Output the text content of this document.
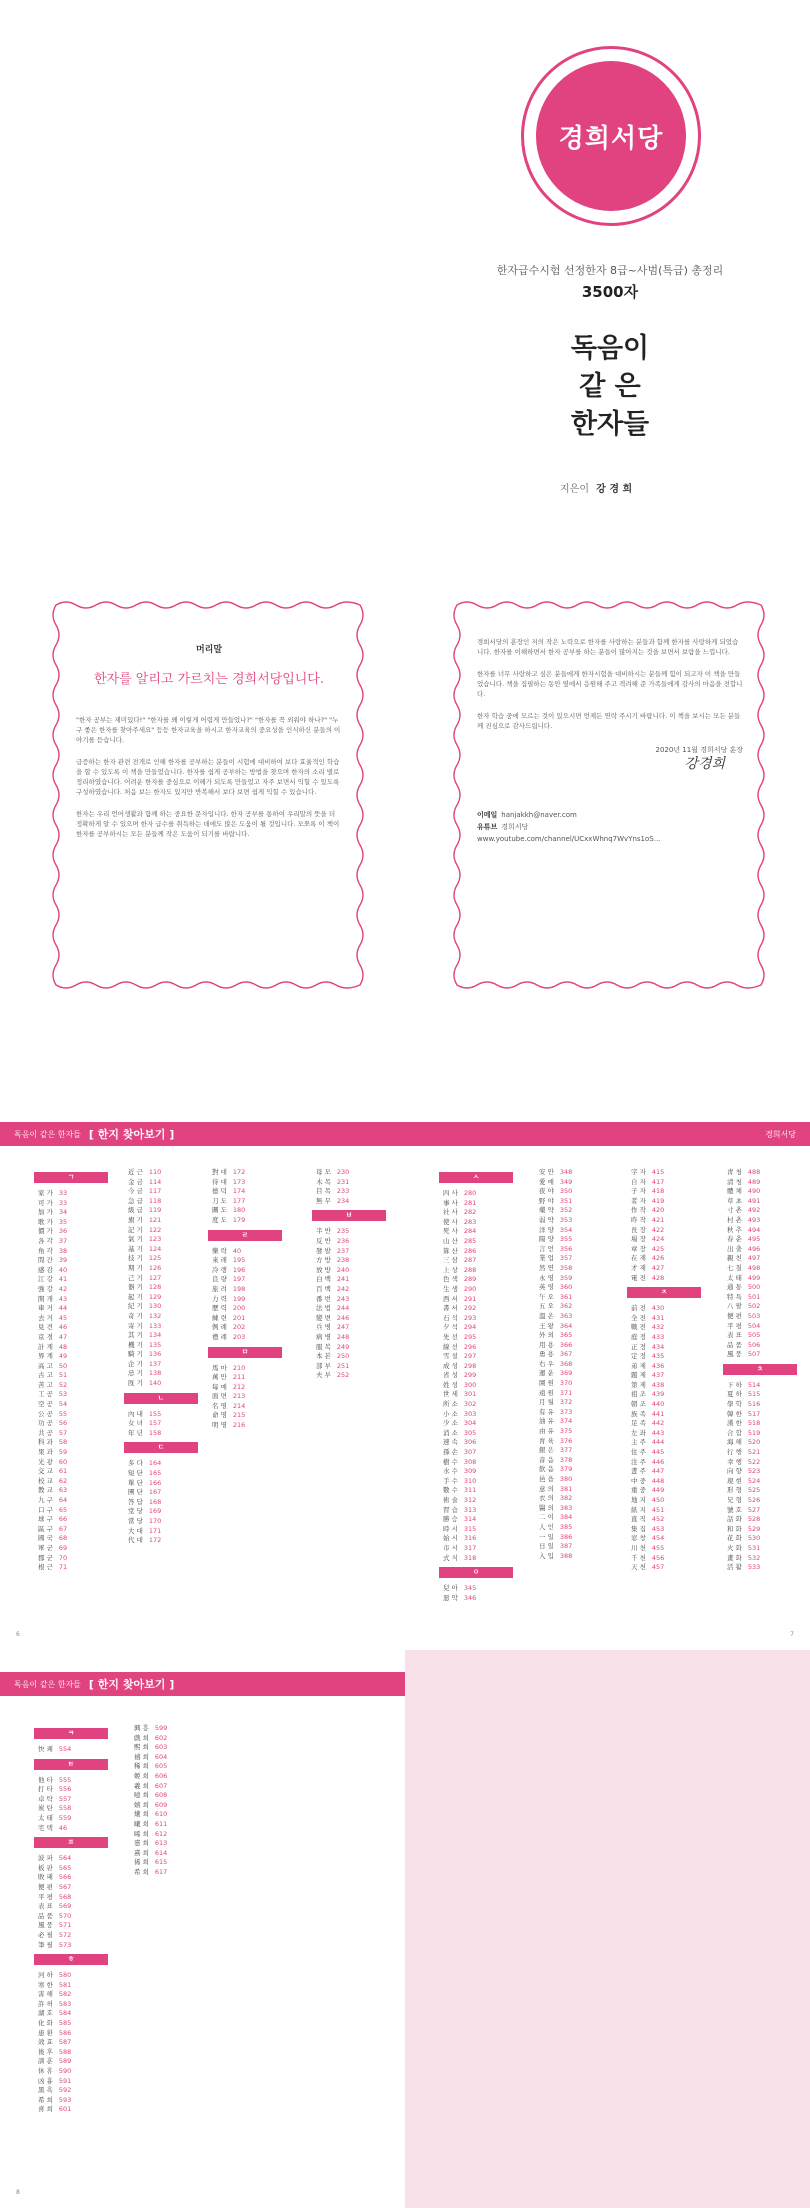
경희서당
한자급수시험 선정한자 8급~사범(특급) 총정리
3500자
독음이
같 은
한자들
지은이 강 경 희
머리말
한자를 알리고 가르치는 경희서당입니다.

"한자 공부는 재미있다!" "한자를 왜 이렇게 어렵게 만들었나?" "한자를 꼭 외워야 하나?" "누구 좋은 한자를 찾아주세요" 등등 한자교육을 하시고 한자교육의 중요성을 인식하신 분들의 이야기를 듣습니다.

급증하는 한자 관련 전개로 인해 한자를 공부하는 분들이 시험에 대비하여 보다 효율적인 학습을 할 수 있도록 이 책을 만들었습니다. 한자를 쉽게 공부하는 방법을 찾으며 한자의 소리 별로 정리하였습니다. 어려운 한자를 중심으로 이해가 되도록 만들었고 자주 보면서 익힐 수 있도록 구성하였습니다. 처음 보는 한자도 있지만 반복해서 보다 보면 쉽게 익힐 수 있습니다.

한자는 우리 언어생활과 함께 하는 중요한 문자입니다. 한자 공부를 통하여 우리말의 뜻을 더 정확하게 알 수 있으며 한자 급수를 취득하는 데에도 많은 도움이 될 것입니다. 모쪼록 이 책이 한자를 공부하시는 모든 분들께 작은 도움이 되기를 바랍니다.

경희서당의 훈장인 저의 작은 노력으로 한자를 사랑하는 분들과 함께 한자를 사랑하게 되었습니다. 한자를 이해하면서 한자 공부를 하는 분들이 많아지는 것을 보면서 보람을 느낍니다.

한자를 너무 사랑하고 싶은 분들에게 한자시험을 대비하시는 분들께 힘이 되고자 이 책을 만들었습니다. 책을 집필하는 동안 옆에서 응원해 주고 격려해 준 가족들에게 감사의 마음을 전합니다.

한자 학습 중에 모르는 것이 있으시면 언제든 연락 주시기 바랍니다. 이 책을 보시는 모든 분들께 진심으로 감사드립니다.

2020년 11월 경희서당 훈장
강경희
이메일 hanjakkh@naver.com
유튜브 경희서당
www.youtube.com/channel/UCxxWhnq7WvYns1oS...
독음이 같은 한자들 [ 한지 찾아보기 ]
ㄱ
家 가 33
可 가 33
加 가 34
歌 가 35
價 가 36
各 각 37
角 각 38
間 간 39
感 감 40
江 강 41
強 강 42
開 개 43
車 거 44
去 거 45
見 견 46
京 경 47
計 계 48
界 계 49
高 고 50
古 고 51
苦 고 52
工 공 53
空 공 54
公 공 55
功 공 56
共 공 57
科 과 58
果 과 59
光 광 60
交 교 61
校 교 62
教 교 63
九 구 64
口 구 65
球 구 66
區 구 67
國 국 68
軍 군 69
郡 군 70
根 근 71
近 근 110
金 금 114
今 금 117
急 급 118
級 급 119
旗 기 121
記 기 122
氣 기 123
基 기 124
技 기 125
期 기 126
己 기 127
器 기 128
起 기 129
紀 기 130
奇 기 132
寄 기 133
其 기 134
機 기 135
騎 기 136
企 기 137
忌 기 138
旣 기 140
ㄴ
內 내 155
女 녀 157
年 년 158
ㄷ
多 다 164
短 단 165
單 단 166
團 단 167
答 답 168
堂 당 169
當 당 170
大 대 171
代 대 172
對 대 172
待 대 173
德 덕 174
刀 도 177
圖 도 180
度 도 179
ㄹ
樂 락 40
來 래 195
冷 랭 196
良 량 197
旅 려 198
力 력 199
歷 력 200
練 련 201
例 례 202
禮 례 203
ㅁ
馬 마 210
萬 만 211
每 매 212
面 면 213
名 명 214
命 명 215
明 명 216
母 모 230
木 목 231
目 목 233
無 무 234
ㅂ
半 반 235
反 반 236
發 발 237
方 방 238
放 방 240
白 백 241
百 백 242
番 번 243
法 법 244
變 변 246
兵 병 247
病 병 248
服 복 249
本 본 250
部 부 251
夫 부 252
6
경희서당
ㅅ
四 사 280
事 사 281
社 사 282
使 사 283
死 사 284
山 산 285
算 산 286
三 삼 287
上 상 288
色 색 289
生 생 290
西 서 291
書 서 292
石 석 293
夕 석 294
先 선 295
線 선 296
雪 설 297
成 성 298
省 성 299
姓 성 300
世 세 301
所 소 302
小 소 303
少 소 304
消 소 305
速 속 306
孫 손 307
樹 수 308
水 수 309
手 수 310
數 수 311
術 술 312
習 습 313
勝 승 314
時 시 315
始 시 316
市 시 317
式 식 318
ㅇ
兒 아 345
惡 악 346
安 안 348
愛 애 349
夜 야 350
野 야 351
藥 약 352
弱 약 353
洋 양 354
陽 양 355
言 언 356
業 업 357
然 연 358
永 영 359
英 영 360
午 오 361
五 오 362
溫 온 363
王 왕 364
外 외 365
用 용 366
勇 용 367
右 우 368
運 운 369
園 원 370
遠 원 371
月 월 372
有 유 373
油 유 374
由 유 375
育 육 376
銀 은 377
音 음 378
飮 음 379
邑 읍 380
意 의 381
衣 의 382
醫 의 383
二 이 384
人 인 385
一 일 386
日 일 387
入 입 388
字 자 415
自 자 417
子 자 418
者 자 419
作 작 420
昨 작 421
長 장 422
場 장 424
章 장 425
在 재 426
才 재 427
電 전 428
ㅈ
前 전 430
全 전 431
戰 전 432
庭 정 433
正 정 434
定 정 435
弟 제 436
題 제 437
第 제 438
祖 조 439
朝 조 440
族 족 441
足 족 442
左 좌 443
主 주 444
住 주 445
注 주 446
晝 주 447
中 중 448
重 중 449
地 지 450
紙 지 451
直 직 452
集 집 453
窓 창 454
川 천 455
千 천 456
天 천 457
靑 청 488
淸 청 489
體 체 490
草 초 491
寸 촌 492
村 촌 493
秋 추 494
春 춘 495
出 출 496
親 친 497
七 칠 498
太 태 499
通 통 500
特 특 501
八 팔 502
便 편 503
平 평 504
表 표 505
品 품 506
風 풍 507
ㅊ
下 하 514
夏 하 515
學 학 516
韓 한 517
漢 한 518
合 합 519
海 해 520
行 행 521
幸 행 522
向 향 523
現 현 524
形 형 525
兄 형 526
號 호 527
話 화 528
和 화 529
花 화 530
火 화 531
畫 화 532
活 활 533
7
독음이 같은 한자들 [ 한지 찾아보기 ]
ㅋ
快 쾌 554
ㅌ
他 타 555
打 타 556
卓 탁 557
炭 탄 558
太 태 559
宅 택 46
ㅍ
波 파 564
板 판 565
敗 패 566
便 편 567
平 평 568
表 표 569
品 품 570
風 풍 571
必 필 572
筆 필 573
ㅎ
河 하 580
寒 한 581
害 해 582
許 허 583
湖 호 584
化 화 585
患 환 586
效 효 587
後 후 588
訓 훈 589
休 휴 590
凶 흉 591
黑 흑 592
希 희 593
喜 희 601
興 흥 599
戲 희 602
熙 희 603
禧 희 604
稀 희 605
姬 희 606
羲 희 607
噫 희 608
嬉 희 609
爔 희 610
曦 희 611
晞 희 612
憙 희 613
熹 희 614
俙 희 615
希 희 617
8
